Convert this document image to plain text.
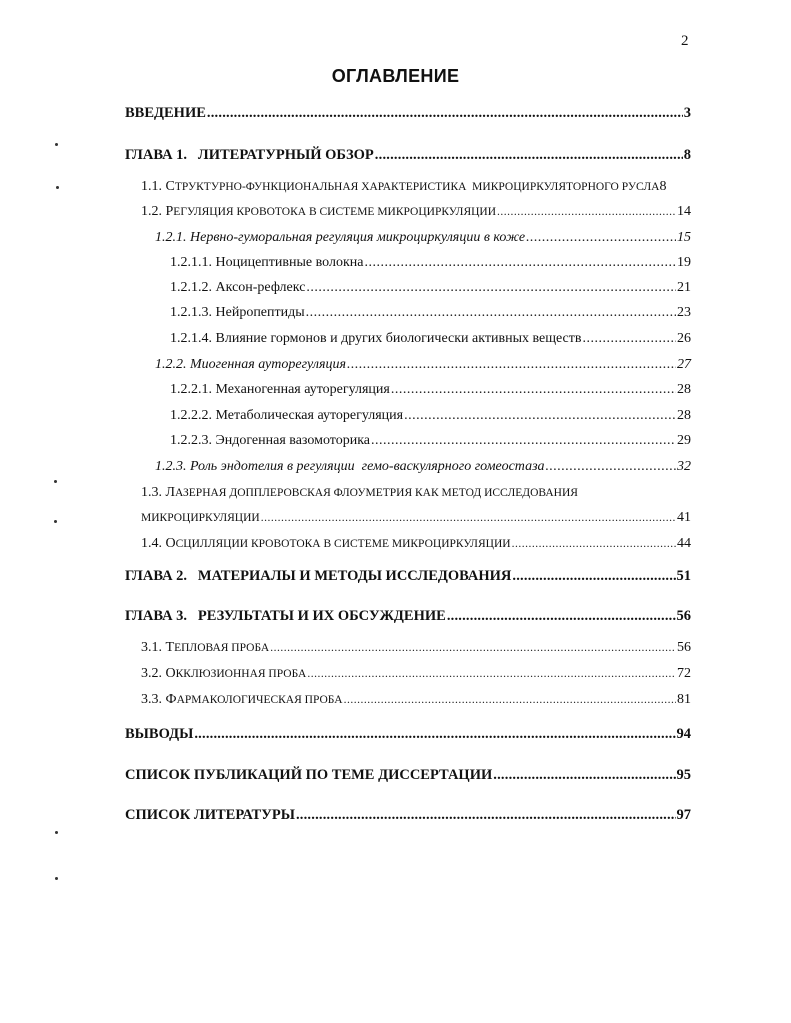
2
ОГЛАВЛЕНИЕ
ВВЕДЕНИЕ .....	3
ГЛАВА 1.   ЛИТЕРАТУРНЫЙ ОБЗОР .....	8
1.1. СТРУКТУРНО-ФУНКЦИОНАЛЬНАЯ ХАРАКТЕРИСТИКА  МИКРОЦИРКУЛЯТОРНОГО РУСЛА 8
1.2. РЕГУЛЯЦИЯ КРОВОТОКА В СИСТЕМЕ МИКРОЦИРКУЛЯЦИИ .....	14
1.2.1. Нервно-гуморальная регуляция микроциркуляции в коже .....	15
1.2.1.1. Ноцицептивные волокна .....	19
1.2.1.2. Аксон-рефлекс .....	21
1.2.1.3. Нейропептиды .....	23
1.2.1.4. Влияние гормонов и других биологически активных веществ .....	26
1.2.2. Миогенная ауторегуляция .....	27
1.2.2.1. Механогенная ауторегуляция .....	28
1.2.2.2. Метаболическая ауторегуляция .....	28
1.2.2.3. Эндогенная вазомоторика .....	29
1.2.3. Роль эндотелия в регуляции  гемо-васкулярного гомеостаза .....	32
1.3. ЛАЗЕРНАЯ ДОППЛЕРОВСКАЯ ФЛОУМЕТРИЯ КАК МЕТОД ИССЛЕДОВАНИЯ
МИКРОЦИРКУЛЯЦИИ .....	41
1.4. ОСЦИЛЛЯЦИИ КРОВОТОКА В СИСТЕМЕ МИКРОЦИРКУЛЯЦИИ .....	44
ГЛАВА 2.   МАТЕРИАЛЫ И МЕТОДЫ ИССЛЕДОВАНИЯ .....	51
ГЛАВА 3.   РЕЗУЛЬТАТЫ И ИХ ОБСУЖДЕНИЕ .....	56
3.1. ТЕПЛОВАЯ ПРОБА .....	56
3.2. ОККЛЮЗИОННАЯ ПРОБА .....	72
3.3. ФАРМАКОЛОГИЧЕСКАЯ ПРОБА .....	81
ВЫВОДЫ .....	94
СПИСОК ПУБЛИКАЦИЙ ПО ТЕМЕ ДИССЕРТАЦИИ .....	95
СПИСОК ЛИТЕРАТУРЫ .....	97
